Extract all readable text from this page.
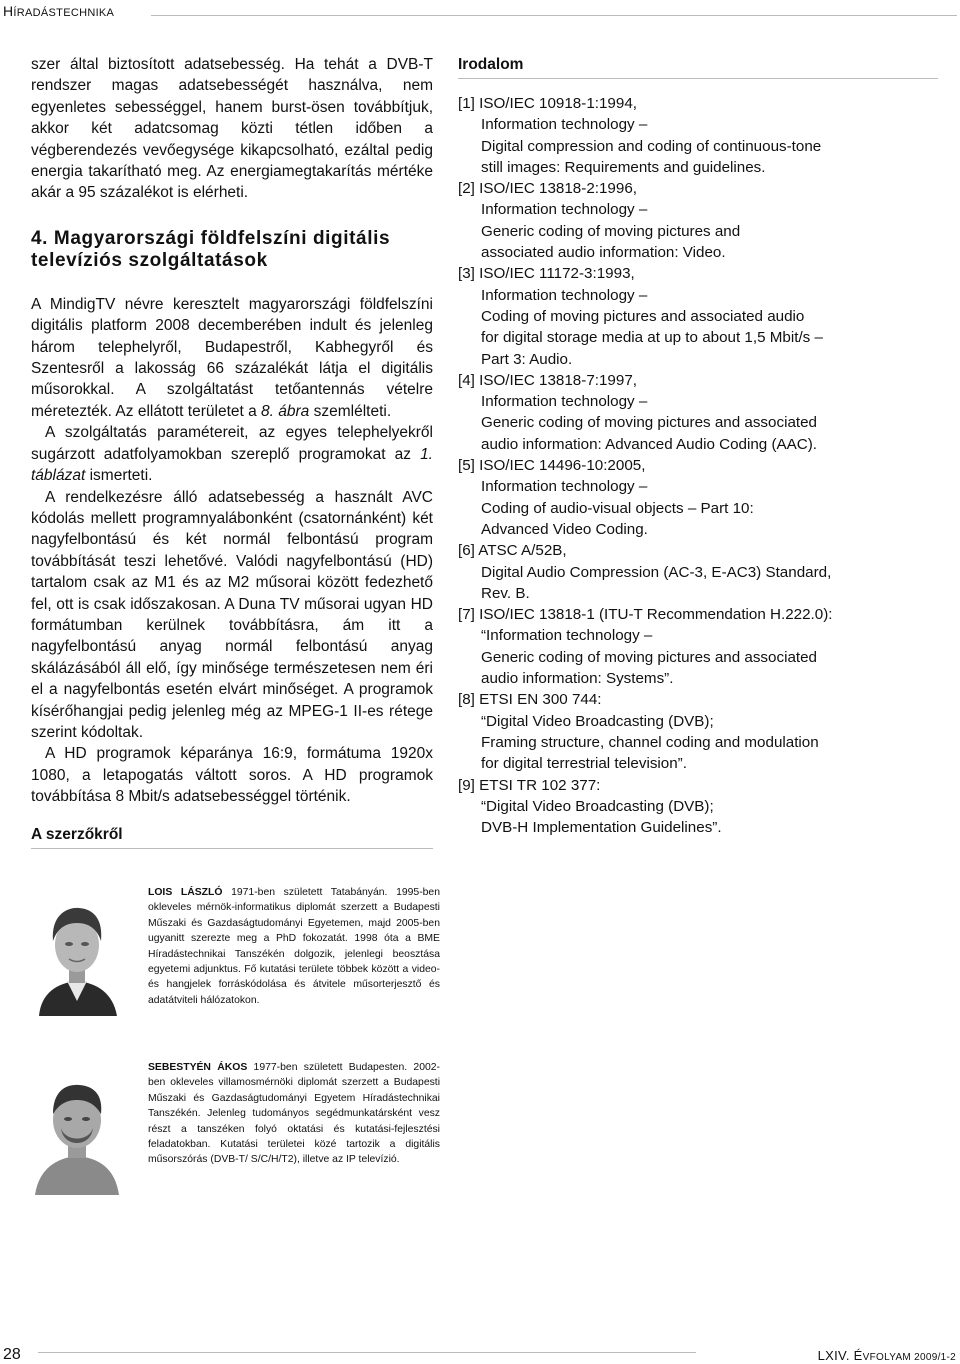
HÍRADÁSTECHNIKA

szer által biztosított adatsebesség. Ha tehát a DVB-T rendszer magas adatsebességét használva, nem egyenletes sebességgel, hanem burst-ösen továbbítjuk, akkor két adatcsomag közti tétlen időben a végberendezés vevőegysége kikapcsolható, ezáltal pedig energia takarítható meg. Az energiamegtakarítás mértéke akár a 95 százalékot is elérheti.

4. Magyarországi földfelszíni digitális televíziós szolgáltatások

A MindigTV névre keresztelt magyarországi földfelszíni digitális platform 2008 decemberében indult és jelenleg három telephelyről, Budapestről, Kabhegyről és Szentesről a lakosság 66 százalékát látja el digitális műsorokkal. A szolgáltatást tetőantennás vételre méretezték. Az ellátott területet a 8. ábra szemlélteti.

A szolgáltatás paramétereit, az egyes telephelyekről sugárzott adatfolyamokban szereplő programokat az 1. táblázat ismerteti.

A rendelkezésre álló adatsebesség a használt AVC kódolás mellett programnyalábonként (csatornánként) két nagyfelbontású és két normál felbontású program továbbítását teszi lehetővé. Valódi nagyfelbontású (HD) tartalom csak az M1 és az M2 műsorai között fedezhető fel, ott is csak időszakosan. A Duna TV műsorai ugyan HD formátumban kerülnek továbbításra, ám itt a nagyfelbontású anyag normál felbontású anyag skálázásából áll elő, így minősége természetesen nem éri el a nagyfelbontás esetén elvárt minőséget. A programok kísérőhangjai pedig jelenleg még az MPEG-1 II-es rétege szerint kódoltak.

A HD programok képaránya 16:9, formátuma 1920x 1080, a letapogatás váltott soros. A HD programok továbbítása 8 Mbit/s adatsebességgel történik.

A szerzőkről
Irodalom
[1] ISO/IEC 10918-1:1994,

Information technology –
Digital compression and coding of continuous-tone
still images: Requirements and guidelines.
[2] ISO/IEC 13818-2:1996,

Information technology –
Generic coding of moving pictures and
associated audio information: Video.
[3] ISO/IEC 11172-3:1993,

Information technology –
Coding of moving pictures and associated audio
for digital storage media at up to about 1,5 Mbit/s –
Part 3: Audio.
[4] ISO/IEC 13818-7:1997,

Information technology –
Generic coding of moving pictures and associated
audio information: Advanced Audio Coding (AAC).
[5] ISO/IEC 14496-10:2005,

Information technology –
Coding of audio-visual objects – Part 10:
Advanced Video Coding.
[6] ATSC A/52B,

Digital Audio Compression (AC-3, E-AC3) Standard,
Rev. B.
[7] ISO/IEC 13818-1 (ITU-T Recommendation H.222.0):

“Information technology –
Generic coding of moving pictures and associated
audio information: Systems”.
[8] ETSI EN 300 744:

“Digital Video Broadcasting (DVB);
Framing structure, channel coding and modulation
for digital terrestrial television”.
[9] ETSI TR 102 377:

“Digital Video Broadcasting (DVB);
DVB-H Implementation Guidelines”.
LOIS LÁSZLÓ 1971-ben született Tatabányán. 1995-ben okleveles mérnök-informatikus diplomát szerzett a Budapesti Műszaki és Gazdaságtudományi Egyetemen, majd 2005-ben ugyanitt szerezte meg a PhD fokozatát. 1998 óta a BME Híradástechnikai Tanszékén dolgozik, jelenlegi beosztása egyetemi adjunktus. Fő kutatási területe többek között a video- és hangjelek forráskódolása és átvitele műsorterjesztő és adatátviteli hálózatokon.
SEBESTYÉN ÁKOS 1977-ben született Budapesten. 2002-ben okleveles villamosmérnöki diplomát szerzett a Budapesti Műszaki és Gazdaságtudományi Egyetem Híradástechnikai Tanszékén. Jelenleg tudományos segédmunkatársként vesz részt a tanszéken folyó oktatási és kutatási-fejlesztési feladatokban. Kutatási területei közé tartozik a digitális műsorszórás (DVB-T/ S/C/H/T2), illetve az IP televízió.
28	LXIV. ÉVFOLYAM 2009/1-2
